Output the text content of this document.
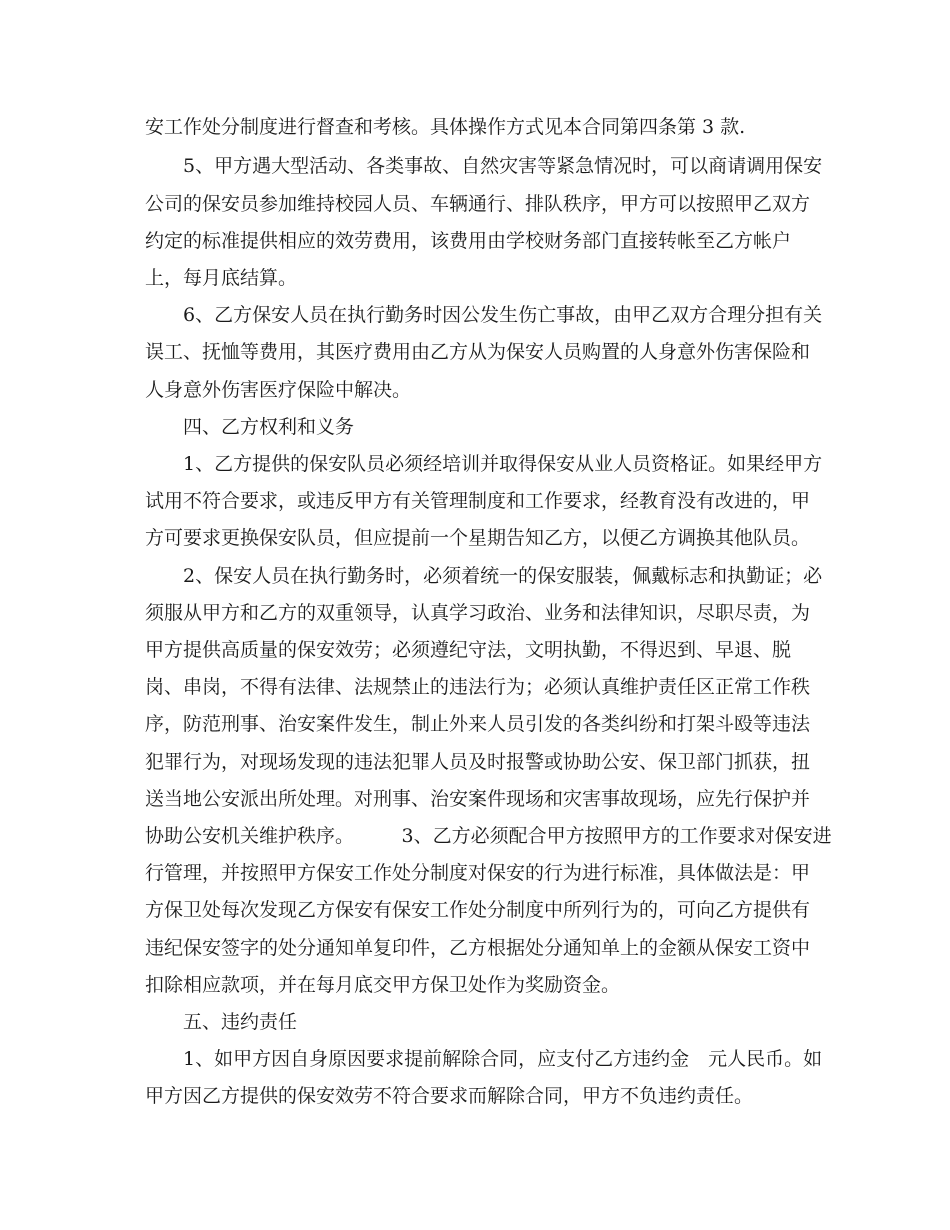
安工作处分制度进行督查和考核。具体操作方式见本合同第四条第 3 款.
　　5、甲方遇大型活动、各类事故、自然灾害等紧急情况时，可以商请调用保安
公司的保安员参加维持校园人员、车辆通行、排队秩序，甲方可以按照甲乙双方
约定的标准提供相应的效劳费用，该费用由学校财务部门直接转帐至乙方帐户
上，每月底结算。
　　6、乙方保安人员在执行勤务时因公发生伤亡事故，由甲乙双方合理分担有关
误工、抚恤等费用，其医疗费用由乙方从为保安人员购置的人身意外伤害保险和
人身意外伤害医疗保险中解决。
　　四、乙方权利和义务
　　1、乙方提供的保安队员必须经培训并取得保安从业人员资格证。如果经甲方
试用不符合要求，或违反甲方有关管理制度和工作要求，经教育没有改进的，甲
方可要求更换保安队员，但应提前一个星期告知乙方，以便乙方调换其他队员。
　　2、保安人员在执行勤务时，必须着统一的保安服装，佩戴标志和执勤证；必
须服从甲方和乙方的双重领导，认真学习政治、业务和法律知识，尽职尽责，为
甲方提供高质量的保安效劳；必须遵纪守法，文明执勤，不得迟到、早退、脱
岗、串岗，不得有法律、法规禁止的违法行为；必须认真维护责任区正常工作秩
序，防范刑事、治安案件发生，制止外来人员引发的各类纠纷和打架斗殴等违法
犯罪行为，对现场发现的违法犯罪人员及时报警或协助公安、保卫部门抓获，扭
送当地公安派出所处理。对刑事、治安案件现场和灾害事故现场，应先行保护并
协助公安机关维护秩序。　　　3、乙方必须配合甲方按照甲方的工作要求对保安进
行管理，并按照甲方保安工作处分制度对保安的行为进行标准，具体做法是：甲
方保卫处每次发现乙方保安有保安工作处分制度中所列行为的，可向乙方提供有
违纪保安签字的处分通知单复印件，乙方根据处分通知单上的金额从保安工资中
扣除相应款项，并在每月底交甲方保卫处作为奖励资金。
　　五、违约责任
　　1、如甲方因自身原因要求提前解除合同，应支付乙方违约金　元人民币。如
甲方因乙方提供的保安效劳不符合要求而解除合同，甲方不负违约责任。
